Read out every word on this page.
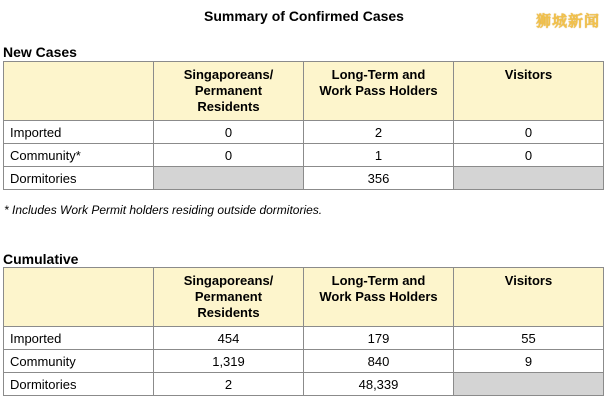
Summary of Confirmed Cases	狮城新闻
New Cases
	Singaporeans/
Permanent
Residents	Long-Term and
Work Pass Holders	Visitors
Imported	0	2	0
Community*	0	1	0
Dormitories		356	
* Includes Work Permit holders residing outside dormitories.
Cumulative
	Singaporeans/
Permanent
Residents	Long-Term and
Work Pass Holders	Visitors
Imported	454	179	55
Community	1,319	840	9
Dormitories	2	48,339	
